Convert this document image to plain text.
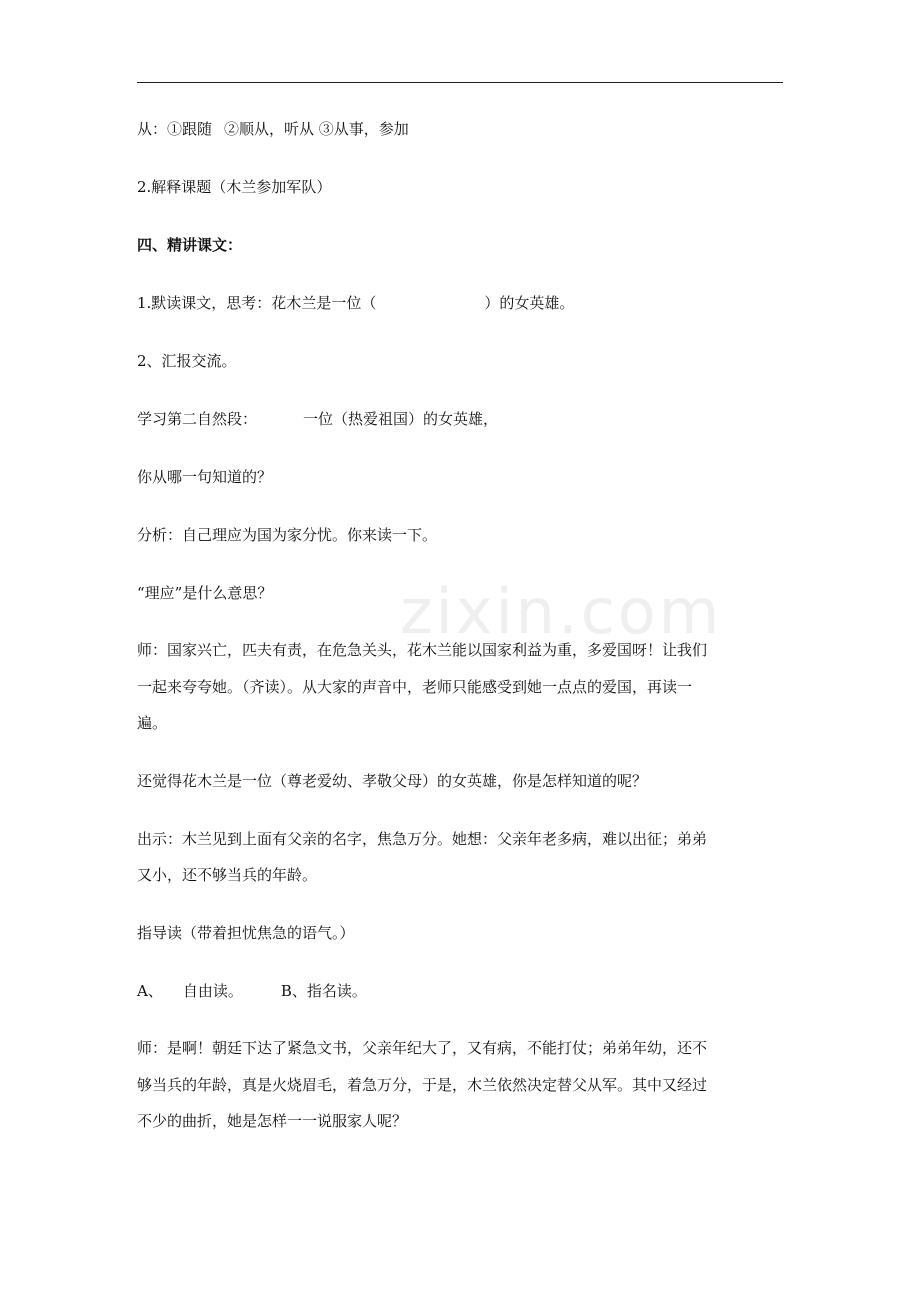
zixin.com
从：①跟随 ②顺从，听从 ③从事，参加
2.解释课题（木兰参加军队）
四、精讲课文：
1.默读课文，思考：花木兰是一位（	）的女英雄。
2、汇报交流。
学习第二自然段：	一位（热爱祖国）的女英雄，
你从哪一句知道的？
分析：自己理应为国为家分忧。你来读一下。
“理应”是什么意思？
师：国家兴亡，匹夫有责，在危急关头，花木兰能以国家利益为重，多爱国呀！让我们
一起来夸夸她。（齐读）。从大家的声音中，老师只能感受到她一点点的爱国，再读一
遍。
还觉得花木兰是一位（尊老爱幼、孝敬父母）的女英雄，你是怎样知道的呢？
出示：木兰见到上面有父亲的名字，焦急万分。她想：父亲年老多病，难以出征；弟弟
又小，还不够当兵的年龄。
指导读（带着担忧焦急的语气。）
A、 自由读。	B、指名读。
师：是啊！朝廷下达了紧急文书，父亲年纪大了，又有病，不能打仗；弟弟年幼，还不
够当兵的年龄，真是火烧眉毛，着急万分，于是，木兰依然决定替父从军。其中又经过
不少的曲折，她是怎样一一说服家人呢？
